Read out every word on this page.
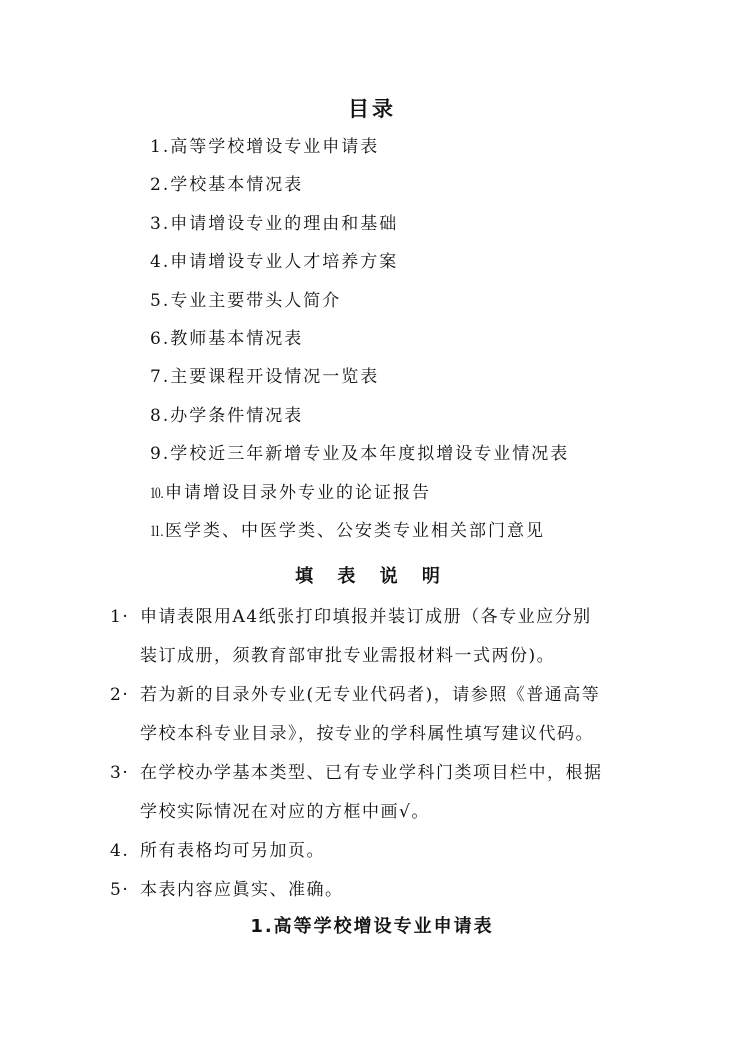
目录
1.高等学校增设专业申请表
2.学校基本情况表
3.申请增设专业的理由和基础
4.申请增设专业人才培养方案
5.专业主要带头人简介
6.教师基本情况表
7.主要课程开设情况一览表
8.办学条件情况表
9.学校近三年新增专业及本年度拟增设专业情况表
⒑ 申请增设目录外专业的论证报告
⒒ 医学类、中医学类、公安类专业相关部门意见
填 表 说 明
1· 申请表限用A4纸张打印填报并装订成册（各专业应分别
装订成册，须教育部审批专业需报材料一式两份)。
2· 若为新的目录外专业(无专业代码者)，请参照《普通高等
学校本科专业目录》，按专业的学科属性填写建议代码。
3· 在学校办学基本类型、已有专业学科门类项目栏中，根据
学校实际情况在对应的方框中画√。
4. 所有表格均可另加页。
5· 本表内容应眞实、准确。
1.高等学校增设专业申请表
